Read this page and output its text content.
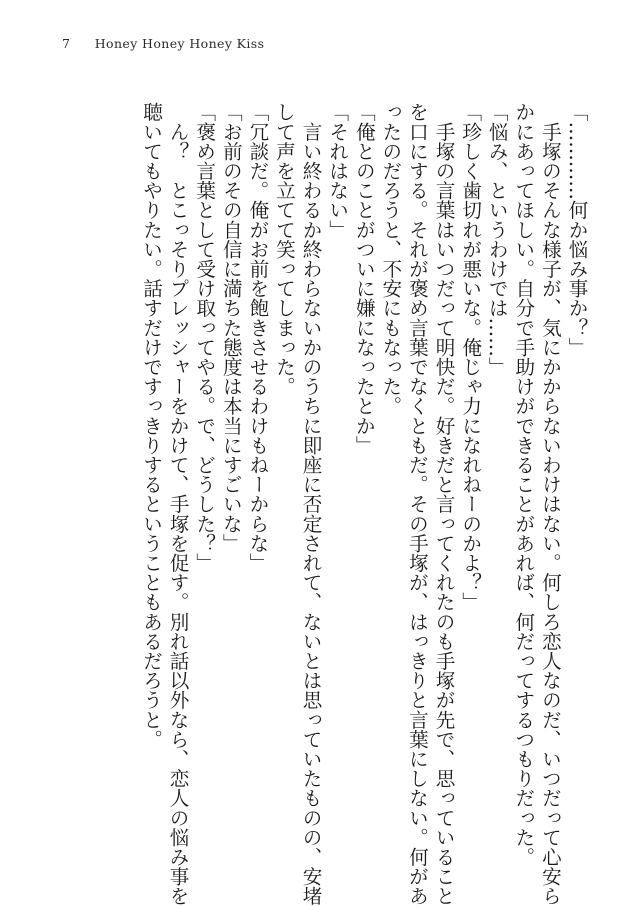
7 Honey Honey Honey Kiss
「…………何か悩み事か？」
　手塚のそんな様子が、気にかからないわけはない。何しろ恋人なのだ、いつだって心安ら
かにあってほしい。自分で手助けができることがあれば、何だってするつもりだった。
「悩み、というわけでは……」
「珍しく歯切れが悪いな。俺じゃ力になれねーのかよ？」
　手塚の言葉はいつだって明快だ。好きだと言ってくれたのも手塚が先で、思っていること
を口にする。それが褒め言葉でなくともだ。その手塚が、はっきりと言葉にしない。何があ
ったのだろうと、不安にもなった。
「俺とのことがついに嫌になったとか」
「それはない」
　言い終わるか終わらないかのうちに即座に否定されて、ないとは思っていたものの、安堵
して声を立てて笑ってしまった。
「冗談だ。俺がお前を飽きさせるわけもねーからな」
「お前のその自信に満ちた態度は本当にすごいな」
「褒め言葉として受け取ってやる。で、どうした？」
　ん？　とこっそりプレッシャーをかけて、手塚を促す。別れ話以外なら、恋人の悩み事を
聴いてもやりたい。話すだけですっきりするということもあるだろうと。
